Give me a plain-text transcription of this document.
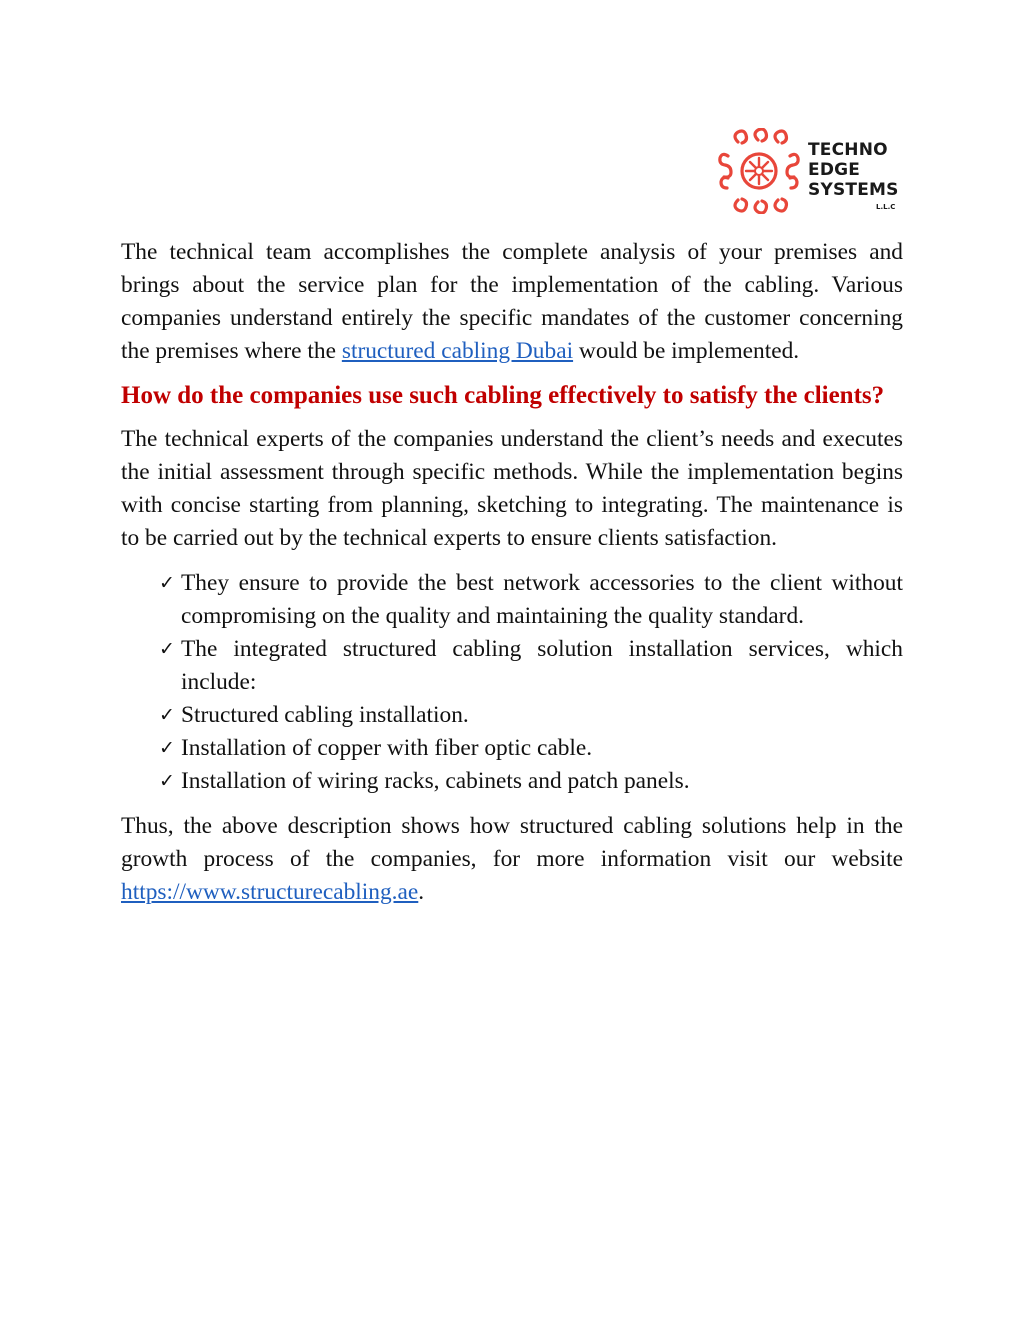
TECHNO
EDGE
SYSTEMS
L.L.C

The technical team accomplishes the complete analysis of your premises and brings about the service plan for the implementation of the cabling. Various companies understand entirely the specific mandates of the customer concerning the premises where the structured cabling Dubai would be implemented.

How do the companies use such cabling effectively to satisfy the clients?

The technical experts of the companies understand the client’s needs and executes the initial assessment through specific methods. While the implementation begins with concise starting from planning, sketching to integrating. The maintenance is to be carried out by the technical experts to ensure clients satisfaction.

✓ They ensure to provide the best network accessories to the client without compromising on the quality and maintaining the quality standard.
✓ The integrated structured cabling solution installation services, which include:
✓ Structured cabling installation.
✓ Installation of copper with fiber optic cable.
✓ Installation of wiring racks, cabinets and patch panels.

Thus, the above description shows how structured cabling solutions help in the growth process of the companies, for more information visit our website https://www.structurecabling.ae.
